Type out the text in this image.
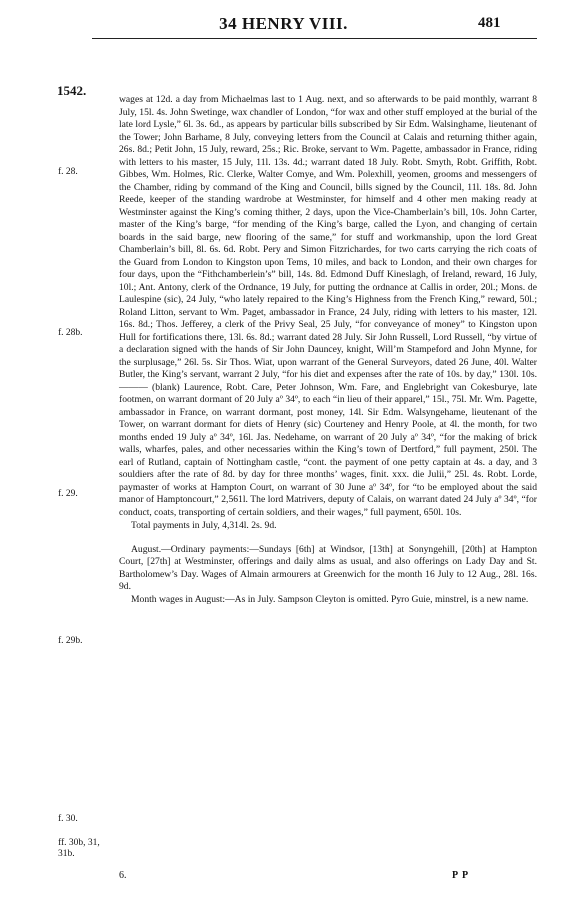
34 HENRY VIII.	481
1542.
f. 28.
f. 28b.
f. 29.
f. 29b.
f. 30.
ff. 30b, 31, 31b.

wages at 12d. a day from Michaelmas last to 1 Aug. next, and so afterwards to be paid monthly, warrant 8 July, 15l. 4s. John Swetinge, wax chandler of London, “for wax and other stuff employed at the burial of the late lord Lysle,” 6l. 3s. 6d., as appears by particular bills subscribed by Sir Edm. Walsinghame, lieutenant of the Tower; John Barhame, 8 July, conveying letters from the Council at Calais and returning thither again, 26s. 8d.; Petit John, 15 July, reward, 25s.; Ric. Broke, servant to Wm. Pagette, ambassador in France, riding with letters to his master, 15 July, 11l. 13s. 4d.; warrant dated 18 July. Robt. Smyth, Robt. Griffith, Robt. Gibbes, Wm. Holmes, Ric. Clerke, Walter Comye, and Wm. Polexhill, yeomen, grooms and messengers of the Chamber, riding by command of the King and Council, bills signed by the Council, 11l. 18s. 8d. John Reede, keeper of the standing wardrobe at Westminster, for himself and 4 other men making ready at Westminster against the King’s coming thither, 2 days, upon the Vice-Chamberlain’s bill, 10s. John Carter, master of the King’s barge, “for mending of the King’s barge, called the Lyon, and changing of certain boards in the said barge, new flooring of the same,” for stuff and workmanship, upon the lord Great Chamberlain’s bill, 8l. 6s. 6d. Robt. Pery and Simon Fitzrichardes, for two carts carrying the rich coats of the Guard from London to Kingston upon Tems, 10 miles, and back to London, and their own charges for four days, upon the “Fithchamberlein’s” bill, 14s. 8d. Edmond Duff Kineslagh, of Ireland, reward, 16 July, 10l.; Ant. Antony, clerk of the Ordnance, 19 July, for putting the ordnance at Callis in order, 20l.; Mons. de Laulespine (sic), 24 July, “who lately repaired to the King’s Highness from the French King,” reward, 50l.; Roland Litton, servant to Wm. Paget, ambassador in France, 24 July, riding with letters to his master, 12l. 16s. 8d.; Thos. Jefferey, a clerk of the Privy Seal, 25 July, “for conveyance of money” to Kingston upon Hull for fortifications there, 13l. 6s. 8d.; warrant dated 28 July. Sir John Russell, Lord Russell, “by virtue of a declaration signed with the hands of Sir John Dauncey, knight, Will’m Stampeford and John Mynne, for the surplusage,” 26l. 5s. Sir Thos. Wiat, upon warrant of the General Surveyors, dated 26 June, 40l. Walter Butler, the King’s servant, warrant 2 July, “for his diet and expenses after the rate of 10s. by day,” 130l. 10s. ——— (blank) Laurence, Robt. Care, Peter Johnson, Wm. Fare, and Englebright van Cokesburye, late footmen, on warrant dormant of 20 July aº 34º, to each “in lieu of their apparel,” 15l., 75l. Mr. Wm. Pagette, ambassador in France, on warrant dormant, post money, 14l. Sir Edm. Walsyngehame, lieutenant of the Tower, on warrant dormant for diets of Henry (sic) Courteney and Henry Poole, at 4l. the month, for two months ended 19 July aº 34º, 16l. Jas. Nedehame, on warrant of 20 July aº 34º, “for the making of brick walls, wharfes, pales, and other necessaries within the King’s town of Dertford,” full payment, 250l. The earl of Rutland, captain of Nottingham castle, “cont. the payment of one petty captain at 4s. a day, and 3 souldiers after the rate of 8d. by day for three months’ wages, finit. xxx. die Julii,” 25l. 4s. Robt. Lorde, paymaster of works at Hampton Court, on warrant of 30 June aº 34º, for “to be employed about the said manor of Hamptoncourt,” 2,561l. The lord Matrivers, deputy of Calais, on warrant dated 24 July aº 34º, “for conduct, coats, transporting of certain soldiers, and their wages,” full payment, 650l. 10s.

Total payments in July, 4,314l. 2s. 9d.

August.—Ordinary payments:—Sundays [6th] at Windsor, [13th] at Sonyngehill, [20th] at Hampton Court, [27th] at Westminster, offerings and daily alms as usual, and also offerings on Lady Day and St. Bartholomew’s Day. Wages of Almain armourers at Greenwich for the month 16 July to 12 Aug., 28l. 16s. 9d.

Month wages in August:—As in July. Sampson Cleyton is omitted. Pyro Guie, minstrel, is a new name.

6.	P P
